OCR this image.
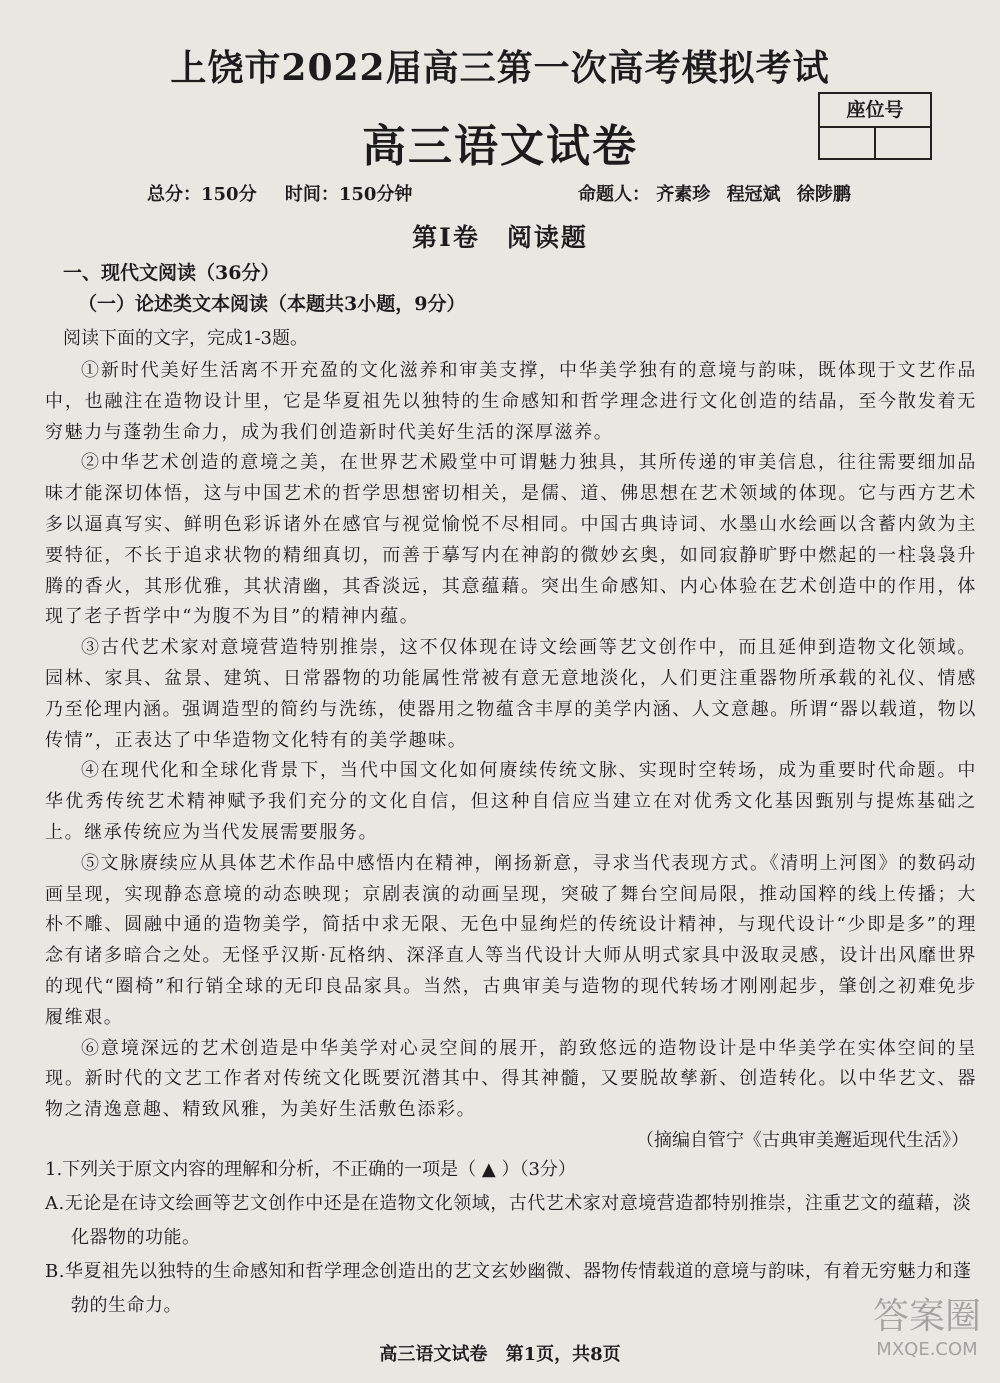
上饶市2022届高三第一次高考模拟考试
座位号
高三语文试卷
总分：150分 时间：150分钟	命题人： 齐素珍 程冠斌 徐陟鹏
第Ⅰ卷　阅读题
一、现代文阅读（36分）
（一）论述类文本阅读（本题共3小题，9分）
阅读下面的文字，完成1-3题。

①新时代美好生活离不开充盈的文化滋养和审美支撑，中华美学独有的意境与韵味，既体现于文艺作品中，也融注在造物设计里，它是华夏祖先以独特的生命感知和哲学理念进行文化创造的结晶，至今散发着无穷魅力与蓬勃生命力，成为我们创造新时代美好生活的深厚滋养。

②中华艺术创造的意境之美，在世界艺术殿堂中可谓魅力独具，其所传递的审美信息，往往需要细加品味才能深切体悟，这与中国艺术的哲学思想密切相关，是儒、道、佛思想在艺术领域的体现。它与西方艺术多以逼真写实、鲜明色彩诉诸外在感官与视觉愉悦不尽相同。中国古典诗词、水墨山水绘画以含蓄内敛为主要特征，不长于追求状物的精细真切，而善于摹写内在神韵的微妙玄奥，如同寂静旷野中燃起的一柱袅袅升腾的香火，其形优雅，其状清幽，其香淡远，其意蕴藉。突出生命感知、内心体验在艺术创造中的作用，体现了老子哲学中“为腹不为目”的精神内蕴。

③古代艺术家对意境营造特别推崇，这不仅体现在诗文绘画等艺文创作中，而且延伸到造物文化领域。园林、家具、盆景、建筑、日常器物的功能属性常被有意无意地淡化，人们更注重器物所承载的礼仪、情感乃至伦理内涵。强调造型的简约与洗练，使器用之物蕴含丰厚的美学内涵、人文意趣。所谓“器以载道，物以传情”，正表达了中华造物文化特有的美学趣味。

④在现代化和全球化背景下，当代中国文化如何赓续传统文脉、实现时空转场，成为重要时代命题。中华优秀传统艺术精神赋予我们充分的文化自信，但这种自信应当建立在对优秀文化基因甄别与提炼基础之上。继承传统应为当代发展需要服务。

⑤文脉赓续应从具体艺术作品中感悟内在精神，阐扬新意，寻求当代表现方式。《清明上河图》的数码动画呈现，实现静态意境的动态映现；京剧表演的动画呈现，突破了舞台空间局限，推动国粹的线上传播；大朴不雕、圆融中通的造物美学，简括中求无限、无色中显绚烂的传统设计精神，与现代设计“少即是多”的理念有诸多暗合之处。无怪乎汉斯·瓦格纳、深泽直人等当代设计大师从明式家具中汲取灵感，设计出风靡世界的现代“圈椅”和行销全球的无印良品家具。当然，古典审美与造物的现代转场才刚刚起步，肇创之初难免步履维艰。

⑥意境深远的艺术创造是中华美学对心灵空间的展开，韵致悠远的造物设计是中华美学在实体空间的呈现。新时代的文艺工作者对传统文化既要沉潜其中、得其神髓，又要脱故孳新、创造转化。以中华艺文、器物之清逸意趣、精致风雅，为美好生活敷色添彩。

（摘编自管宁《古典审美邂逅现代生活》）

1.下列关于原文内容的理解和分析，不正确的一项是（ ▲ ）（3分）

A.无论是在诗文绘画等艺文创作中还是在造物文化领域，古代艺术家对意境营造都特别推崇，注重艺文的蕴藉，淡化器物的功能。

B.华夏祖先以独特的生命感知和哲学理念创造出的艺文玄妙幽微、器物传情载道的意境与韵味，有着无穷魅力和蓬勃的生命力。

高三语文试卷 第1页，共8页
答案圈
MXQE.COM
